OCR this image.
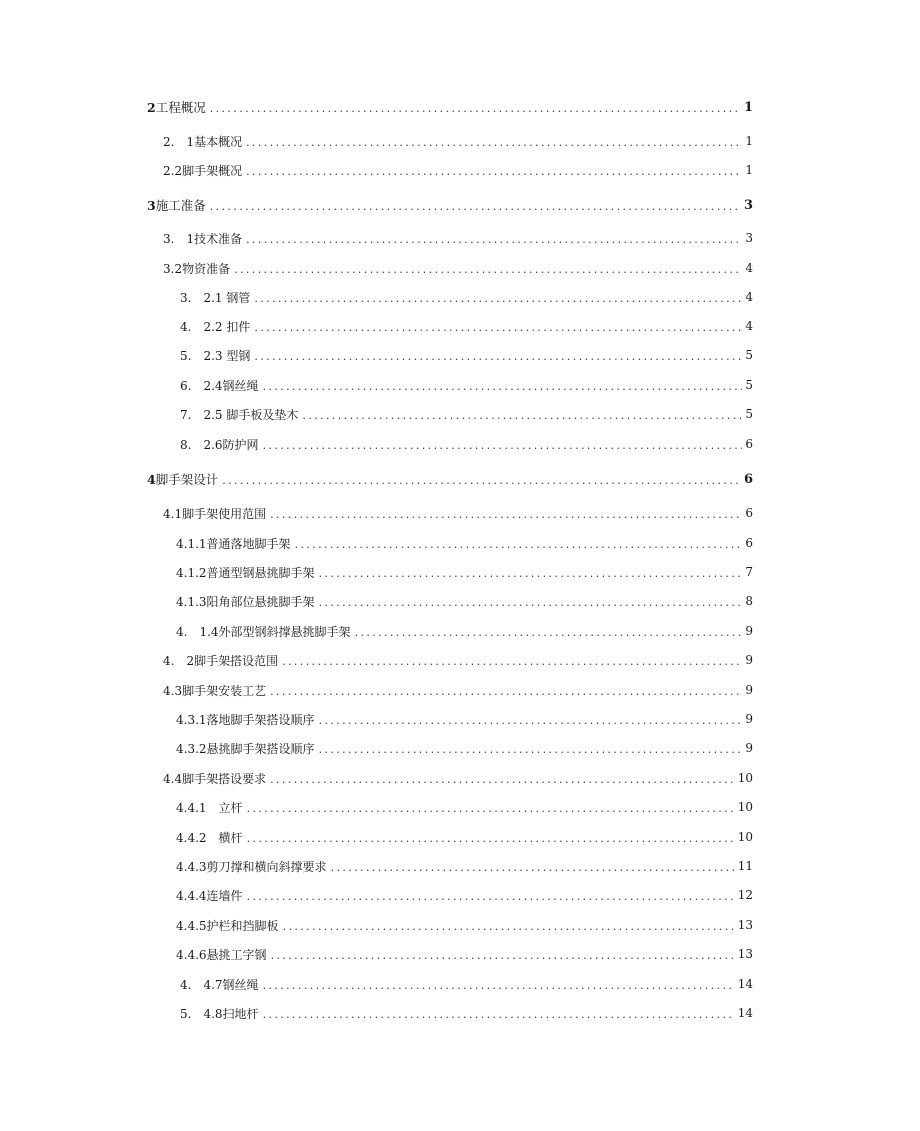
2工程概况 .....	1
2.　1基本概况 .....	1
2.2脚手架概况 .....	1
3施工准备 .....	3
3.　1技术准备 .....	3
3.2物资准备 .....	4
3.　2.1 钢管 .....	4
4.　2.2 扣件 .....	4
5.　2.3 型钢 .....	5
6.　2.4钢丝绳 .....	5
7.　2.5 脚手板及垫木 .....	5
8.　2.6防护网 .....	6
4脚手架设计 .....	6
4.1脚手架使用范围 .....	6
4.1.1普通落地脚手架 .....	6
4.1.2普通型钢悬挑脚手架 .....	7
4.1.3阳角部位悬挑脚手架 .....	8
4.　1.4外部型钢斜撑悬挑脚手架 .....	9
4.　2脚手架搭设范围 .....	9
4.3脚手架安装工艺 .....	9
4.3.1落地脚手架搭设顺序 .....	9
4.3.2悬挑脚手架搭设顺序 .....	9
4.4脚手架搭设要求 .....	10
4.4.1　立杆 .....	10
4.4.2　横杆 .....	10
4.4.3剪刀撑和横向斜撑要求 .....	11
4.4.4连墙件 .....	12
4.4.5护栏和挡脚板 .....	13
4.4.6悬挑工字钢 .....	13
4.　4.7钢丝绳 .....	14
5.　4.8扫地杆 .....	14
